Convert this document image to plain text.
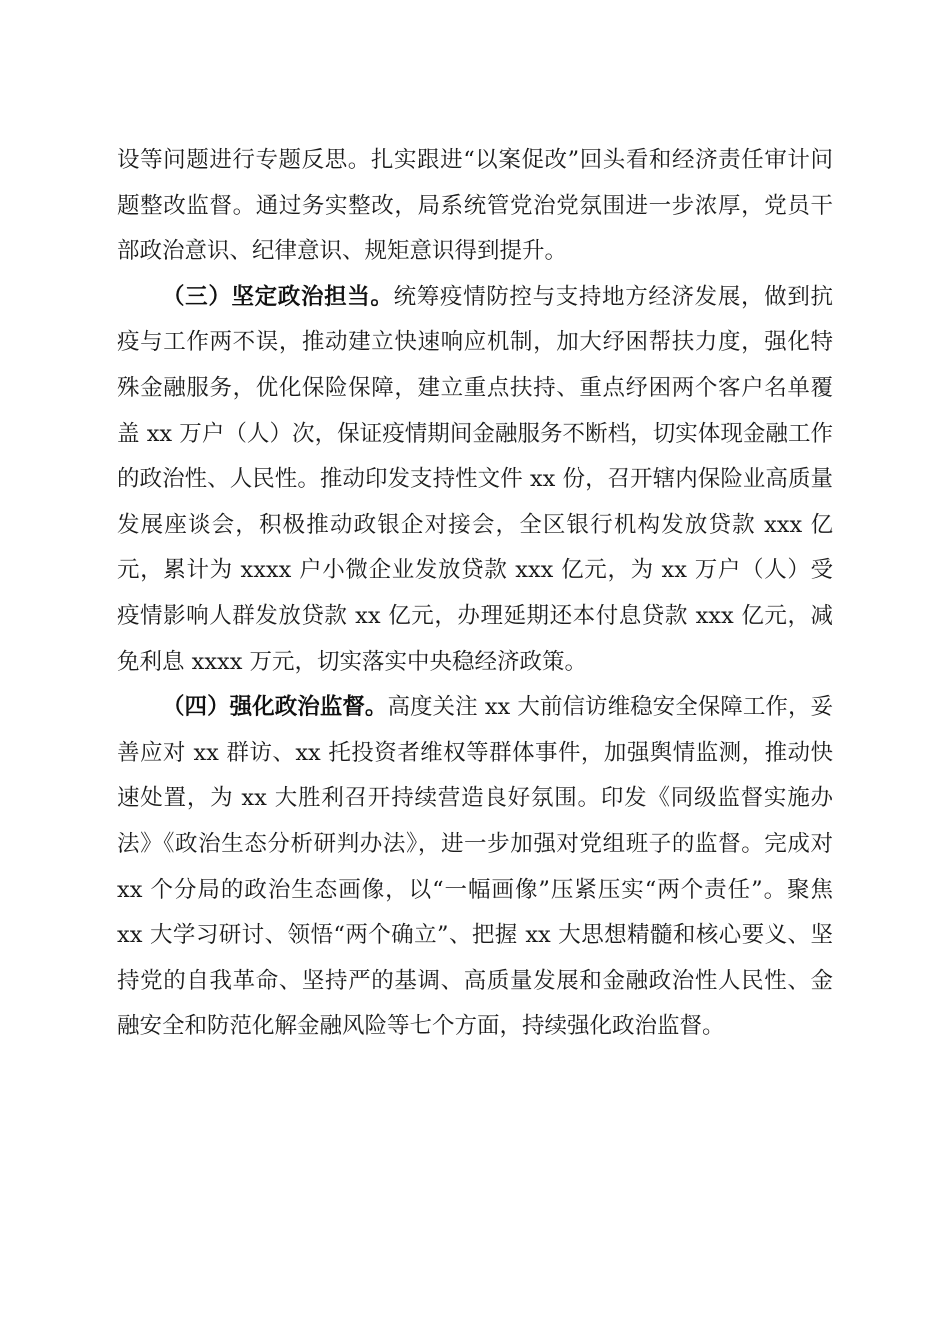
设等问题进行专题反思。扎实跟进“以案促改”回头看和经济责任审计问题整改监督。通过务实整改，局系统管党治党氛围进一步浓厚，党员干部政治意识、纪律意识、规矩意识得到提升。

（三）坚定政治担当。统筹疫情防控与支持地方经济发展，做到抗疫与工作两不误，推动建立快速响应机制，加大纾困帮扶力度，强化特殊金融服务，优化保险保障，建立重点扶持、重点纾困两个客户名单覆盖 xx 万户（人）次，保证疫情期间金融服务不断档，切实体现金融工作的政治性、人民性。推动印发支持性文件 xx 份，召开辖内保险业高质量发展座谈会，积极推动政银企对接会，全区银行机构发放贷款 xxx 亿元，累计为 xxxx 户小微企业发放贷款 xxx 亿元，为 xx 万户（人）受疫情影响人群发放贷款 xx 亿元，办理延期还本付息贷款 xxx 亿元，减免利息 xxxx 万元，切实落实中央稳经济政策。

（四）强化政治监督。高度关注 xx 大前信访维稳安全保障工作，妥善应对 xx 群访、xx 托投资者维权等群体事件，加强舆情监测，推动快速处置，为 xx 大胜利召开持续营造良好氛围。印发《同级监督实施办法》《政治生态分析研判办法》，进一步加强对党组班子的监督。完成对 xx 个分局的政治生态画像，以“一幅画像”压紧压实“两个责任”。聚焦 xx 大学习研讨、领悟“两个确立”、把握 xx 大思想精髓和核心要义、坚持党的自我革命、坚持严的基调、高质量发展和金融政治性人民性、金融安全和防范化解金融风险等七个方面，持续强化政治监督。
